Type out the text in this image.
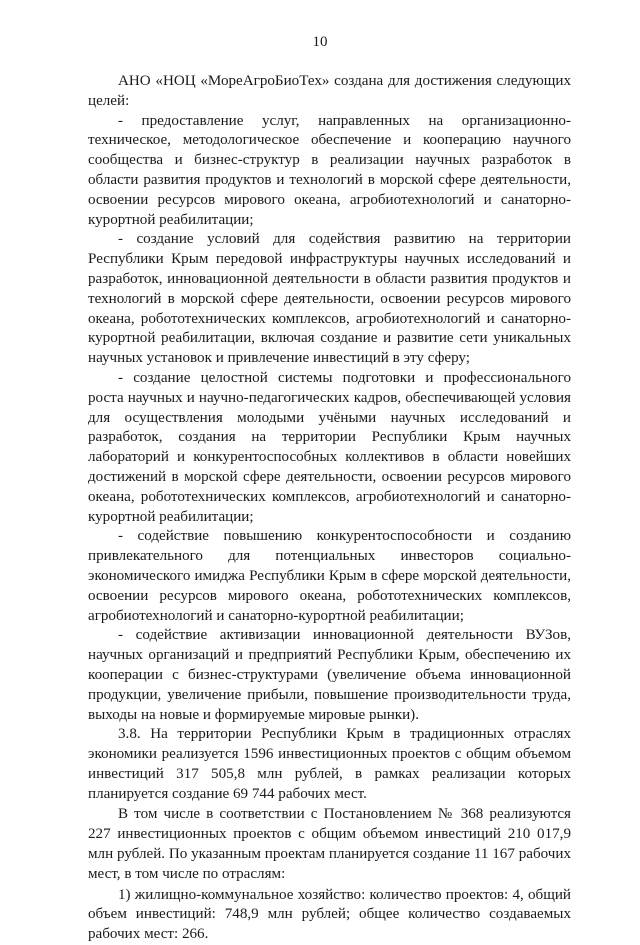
10

АНО «НОЦ «МореАгроБиоТех» создана для достижения следующих целей:

- предоставление услуг, направленных на организационно-техническое, методологическое обеспечение и кооперацию научного сообщества и бизнес-структур в реализации научных разработок в области развития продуктов и технологий в морской сфере деятельности, освоении ресурсов мирового океана, агробиотехнологий и санаторно-курортной реабилитации;

- создание условий для содействия развитию на территории Республики Крым передовой инфраструктуры научных исследований и разработок, инновационной деятельности в области развития продуктов и технологий в морской сфере деятельности, освоении ресурсов мирового океана, робототехнических комплексов, агробиотехнологий и санаторно-курортной реабилитации, включая создание и развитие сети уникальных научных установок и привлечение инвестиций в эту сферу;

- создание целостной системы подготовки и профессионального роста научных и научно-педагогических кадров, обеспечивающей условия для осуществления молодыми учёными научных исследований и разработок, создания на территории Республики Крым научных лабораторий и конкурентоспособных коллективов в области новейших достижений в морской сфере деятельности, освоении ресурсов мирового океана, робототехнических комплексов, агробиотехнологий и санаторно-курортной реабилитации;

- содействие повышению конкурентоспособности и созданию привлекательного для потенциальных инвесторов социально-экономического имиджа Республики Крым в сфере морской деятельности, освоении ресурсов мирового океана, робототехнических комплексов, агробиотехнологий и санаторно-курортной реабилитации;

- содействие активизации инновационной деятельности ВУЗов, научных организаций и предприятий Республики Крым, обеспечению их кооперации с бизнес-структурами (увеличение объема инновационной продукции, увеличение прибыли, повышение производительности труда, выходы на новые и формируемые мировые рынки).

3.8. На территории Республики Крым в традиционных отраслях экономики реализуется 1596 инвестиционных проектов с общим объемом инвестиций 317 505,8 млн рублей, в рамках реализации которых планируется создание 69 744 рабочих мест.

В том числе в соответствии с Постановлением № 368 реализуются 227 инвестиционных проектов с общим объемом инвестиций 210 017,9 млн рублей. По указанным проектам планируется создание 11 167 рабочих мест, в том числе по отраслям:

1) жилищно-коммунальное хозяйство: количество проектов: 4, общий объем инвестиций: 748,9 млн рублей; общее количество создаваемых рабочих мест: 266.
